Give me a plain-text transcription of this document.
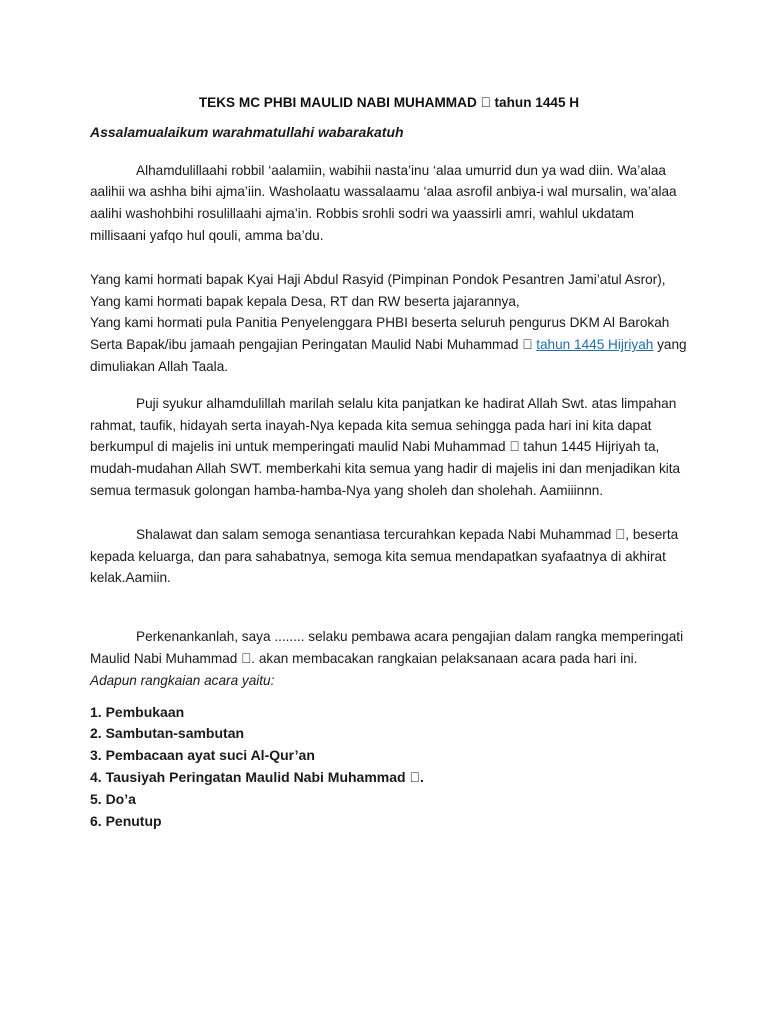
TEKS MC PHBI MAULID NABI MUHAMMAD   tahun 1445 H
Assalamualaikum warahmatullahi wabarakatuh

Alhamdulillaahi robbil ‘aalamiin, wabihii nasta’inu ‘alaa umurrid dun ya wad diin. Wa’alaa aalihii wa ashha bihi ajma’iin. Washolaatu wassalaamu ‘alaa asrofil anbiya-i wal mursalin, wa’alaa aalihi washohbihi rosulillaahi ajma’in. Robbis srohli sodri wa yaassirli amri, wahlul ukdatam millisaani yafqo hul qouli, amma ba’du.

Yang kami hormati bapak Kyai Haji Abdul Rasyid (Pimpinan Pondok Pesantren Jami’atul Asror),

Yang kami hormati bapak kepala Desa, RT dan RW beserta jajarannya,

Yang kami hormati pula Panitia Penyelenggara PHBI beserta seluruh pengurus DKM Al Barokah

Serta Bapak/ibu jamaah pengajian Peringatan Maulid Nabi Muhammad   tahun 1445 Hijriyah yang dimuliakan Allah Taala.

Puji syukur alhamdulillah marilah selalu kita panjatkan ke hadirat Allah Swt. atas limpahan rahmat, taufik, hidayah serta inayah-Nya kepada kita semua sehingga pada hari ini kita dapat berkumpul di majelis ini untuk memperingati maulid Nabi Muhammad   tahun 1445 Hijriyah ta, mudah-mudahan Allah SWT. memberkahi kita semua yang hadir di majelis ini dan menjadikan kita semua termasuk golongan hamba-hamba-Nya yang sholeh dan sholehah. Aamiiinnn.

Shalawat dan salam semoga senantiasa tercurahkan kepada Nabi Muhammad  , beserta kepada keluarga, dan para sahabatnya, semoga kita semua mendapatkan syafaatnya di akhirat kelak.Aamiin.

Perkenankanlah, saya ........ selaku pembawa acara pengajian dalam rangka memperingati Maulid Nabi Muhammad  . akan membacakan rangkaian pelaksanaan acara pada hari ini.

Adapun rangkaian acara yaitu:

1. Pembukaan
2. Sambutan-sambutan
3. Pembacaan ayat suci Al-Qur’an
4. Tausiyah Peringatan Maulid Nabi Muhammad  .
5. Do’a
6. Penutup
